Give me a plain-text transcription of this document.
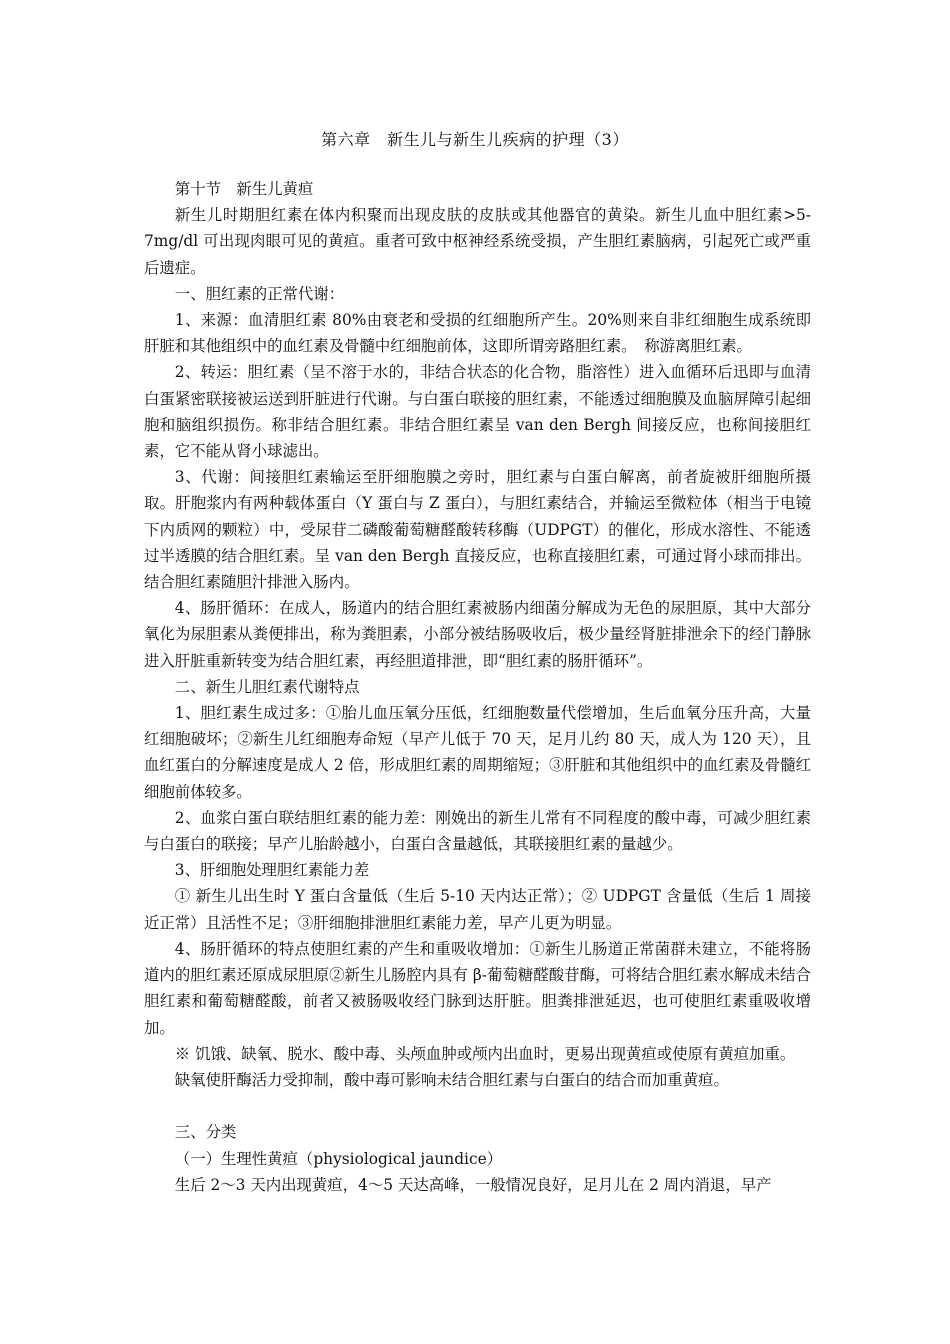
第六章　新生儿与新生儿疾病的护理（3）

第十节　新生儿黄疸

新生儿时期胆红素在体内积聚而出现皮肤的皮肤或其他器官的黄染。新生儿血中胆红素>5-7mg/dl 可出现肉眼可见的黄疸。重者可致中枢神经系统受损，产生胆红素脑病，引起死亡或严重后遗症。

一、胆红素的正常代谢：

1、来源：血清胆红素 80%由衰老和受损的红细胞所产生。20%则来自非红细胞生成系统即肝脏和其他组织中的血红素及骨髓中红细胞前体，这即所谓旁路胆红素。　称游离胆红素。

2、转运：胆红素（呈不溶于水的，非结合状态的化合物，脂溶性）进入血循环后迅即与血清白蛋紧密联接被运送到肝脏进行代谢。与白蛋白联接的胆红素，不能透过细胞膜及血脑屏障引起细胞和脑组织损伤。称非结合胆红素。非结合胆红素呈 van den Bergh 间接反应，也称间接胆红素，它不能从肾小球滤出。

3、代谢：间接胆红素输运至肝细胞膜之旁时，胆红素与白蛋白解离，前者旋被肝细胞所摄取。肝胞浆内有两种载体蛋白（Y 蛋白与 Z 蛋白），与胆红素结合，并输运至微粒体（相当于电镜下内质网的颗粒）中，受尿苷二磷酸葡萄糖醛酸转移酶（UDPGT）的催化，形成水溶性、不能透过半透膜的结合胆红素。呈 van den Bergh 直接反应，也称直接胆红素，可通过肾小球而排出。结合胆红素随胆汁排泄入肠内。

4、肠肝循环：在成人，肠道内的结合胆红素被肠内细菌分解成为无色的尿胆原，其中大部分氧化为尿胆素从粪便排出，称为粪胆素，小部分被结肠吸收后，极少量经肾脏排泄余下的经门静脉进入肝脏重新转变为结合胆红素，再经胆道排泄，即“胆红素的肠肝循环”。

二、新生儿胆红素代谢特点

1、胆红素生成过多：①胎儿血压氧分压低，红细胞数量代偿增加，生后血氧分压升高，大量红细胞破坏；②新生儿红细胞寿命短（早产儿低于 70 天，足月儿约 80 天，成人为 120 天），且血红蛋白的分解速度是成人 2 倍，形成胆红素的周期缩短；③肝脏和其他组织中的血红素及骨髓红细胞前体较多。

2、血浆白蛋白联结胆红素的能力差：刚娩出的新生儿常有不同程度的酸中毒，可减少胆红素与白蛋白的联接；早产儿胎龄越小，白蛋白含量越低，其联接胆红素的量越少。

3、肝细胞处理胆红素能力差

① 新生儿出生时 Y 蛋白含量低（生后 5-10 天内达正常）；② UDPGT 含量低（生后 1 周接近正常）且活性不足；③肝细胞排泄胆红素能力差，早产儿更为明显。

4、肠肝循环的特点使胆红素的产生和重吸收增加：①新生儿肠道正常菌群未建立，不能将肠道内的胆红素还原成尿胆原②新生儿肠腔内具有 β-葡萄糖醛酸苷酶，可将结合胆红素水解成未结合胆红素和葡萄糖醛酸，前者又被肠吸收经门脉到达肝脏。胆粪排泄延迟，也可使胆红素重吸收增加。

※ 饥饿、缺氧、脱水、酸中毒、头颅血肿或颅内出血时，更易出现黄疸或使原有黄疸加重。

缺氧使肝酶活力受抑制，酸中毒可影响未结合胆红素与白蛋白的结合而加重黄疸。

三、分类

（一）生理性黄疸（physiological jaundice）

生后 2～3 天内出现黄疸，4～5 天达高峰，一般情况良好，足月儿在 2 周内消退，早产
